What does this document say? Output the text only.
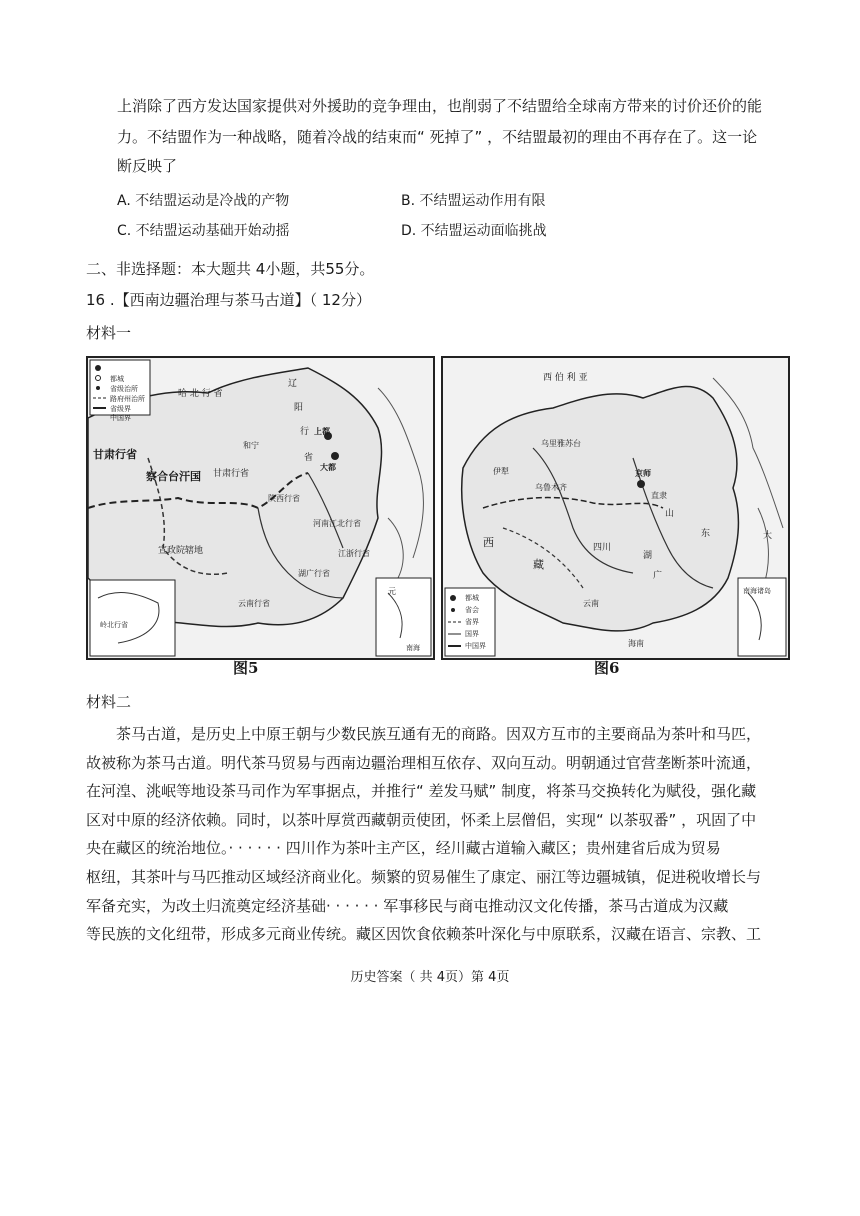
上消除了西方发达国家提供对外援助的竞争理由，也削弱了不结盟给全球南方带来的讨价还价的能
力。不结盟作为一种战略，随着冷战的结束而“ 死掉了” ，不结盟最初的理由不再存在了。这一论
断反映了
A. 不结盟运动是冷战的产物	B. 不结盟运动作用有限
C. 不结盟运动基础开始动摇	D. 不结盟运动面临挑战
二、非选择题：本大题共 4小题，共55分。
16 .【西南边疆治理与茶马古道】（ 12分）
材料一
都城
省级治所
路府州治所
省级界
中国界
哈 北 行 省
辽
阳
行
省
和宁
上都
大都
甘肃行省
察合台汗国 甘肃行省
陕西行省
河南江北行省
江浙行省
湖广行省
云南行省
宣政院辖地
岭北行省
元
南海
都城
省会
省界
国界
中国界
西 伯 利 亚
乌里雅苏台
伊犁	京师
乌鲁木齐
西
藏
四川
山
直隶
湖
广
云南
海南
东	大
南海诸岛
图5	图6
材料二
茶马古道，是历史上中原王朝与少数民族互通有无的商路。因双方互市的主要商品为茶叶和马匹，
故被称为茶马古道。明代茶马贸易与西南边疆治理相互依存、双向互动。明朝通过官营垄断茶叶流通，
在河湟、洮岷等地设茶马司作为军事据点，并推行“ 差发马赋” 制度，将茶马交换转化为赋役，强化藏
区对中原的经济依赖。同时，以茶叶厚赏西藏朝贡使团，怀柔上层僧侣，实现“ 以茶驭番” ，巩固了中
央在藏区的统治地位。· · · · · · 四川作为茶叶主产区，经川藏古道输入藏区；贵州建省后成为贸易
枢纽，其茶叶与马匹推动区域经济商业化。频繁的贸易催生了康定、丽江等边疆城镇，促进税收增长与
军备充实，为改土归流奠定经济基础· · · · · · 军事移民与商屯推动汉文化传播，茶马古道成为汉藏
等民族的文化纽带，形成多元商业传统。藏区因饮食依赖茶叶深化与中原联系，汉藏在语言、宗教、工
历史答案（ 共 4页）第 4页
